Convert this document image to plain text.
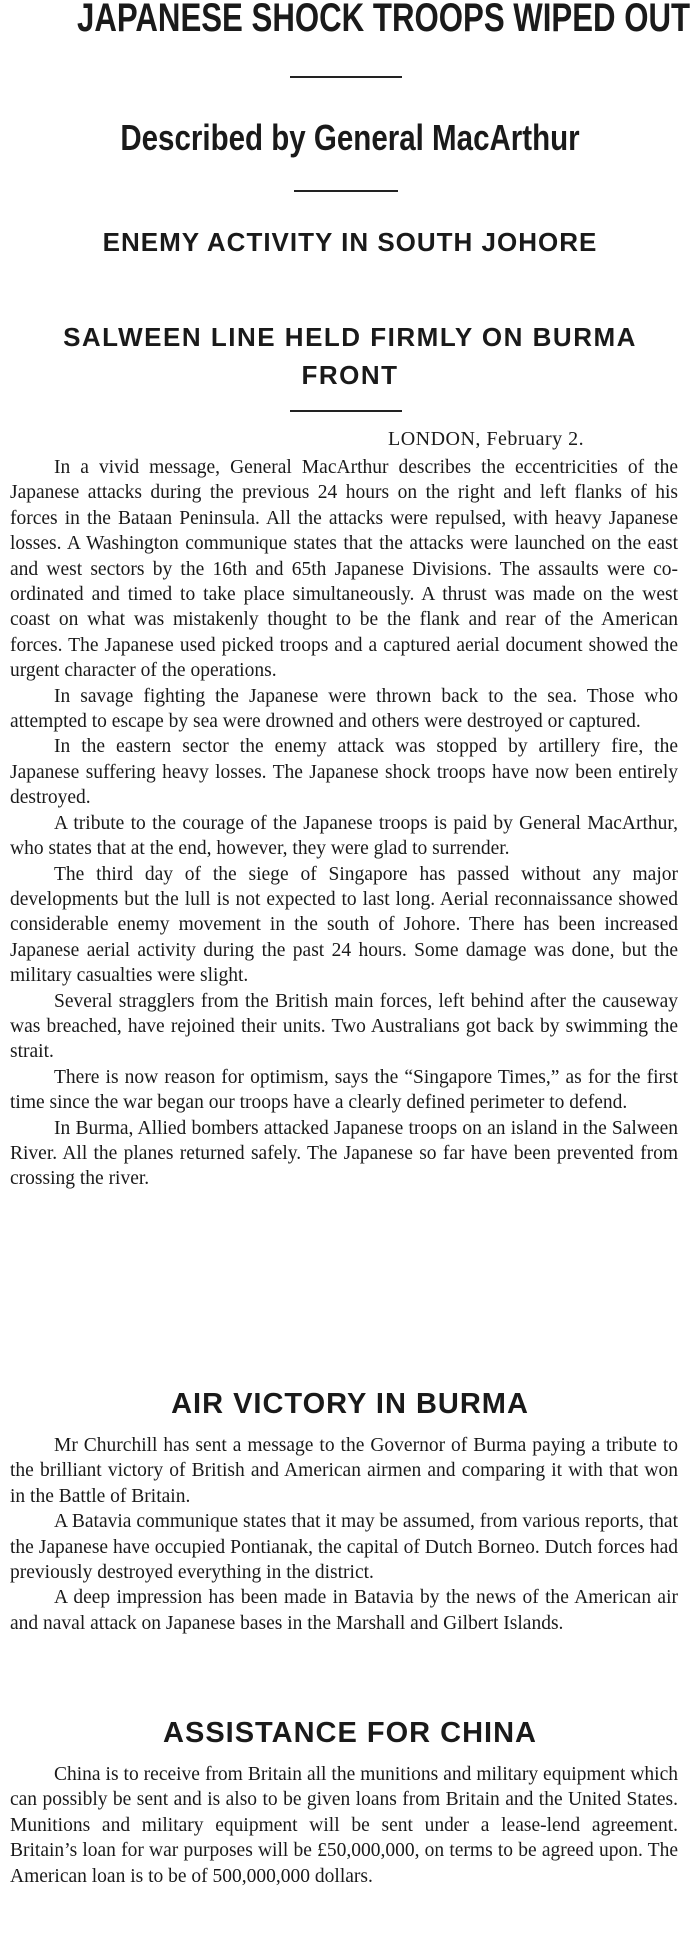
JAPANESE SHOCK TROOPS WIPED OUT
Described by General MacArthur
ENEMY ACTIVITY IN SOUTH JOHORE
SALWEEN LINE HELD FIRMLY ON BURMA FRONT
LONDON, February 2.

In a vivid message, General MacArthur describes the eccentricities of the Japanese attacks during the previous 24 hours on the right and left flanks of his forces in the Bataan Peninsula. All the attacks were repulsed, with heavy Japanese losses. A Washington communique states that the attacks were launched on the east and west sectors by the 16th and 65th Japanese Divisions. The assaults were co-ordinated and timed to take place simultaneously. A thrust was made on the west coast on what was mistakenly thought to be the flank and rear of the American forces. The Japanese used picked troops and a captured aerial document showed the urgent character of the operations.

In savage fighting the Japanese were thrown back to the sea. Those who attempted to escape by sea were drowned and others were destroyed or captured.

In the eastern sector the enemy attack was stopped by artillery fire, the Japanese suffering heavy losses. The Japanese shock troops have now been entirely destroyed.

A tribute to the courage of the Japanese troops is paid by General MacArthur, who states that at the end, however, they were glad to surrender.

The third day of the siege of Singapore has passed without any major developments but the lull is not expected to last long. Aerial reconnaissance showed considerable enemy movement in the south of Johore. There has been increased Japanese aerial activity during the past 24 hours. Some damage was done, but the military casualties were slight.

Several stragglers from the British main forces, left behind after the causeway was breached, have rejoined their units. Two Australians got back by swimming the strait.

There is now reason for optimism, says the “Singapore Times,” as for the first time since the war began our troops have a clearly defined perimeter to defend.

In Burma, Allied bombers attacked Japanese troops on an island in the Salween River. All the planes returned safely. The Japanese so far have been prevented from crossing the river.

AIR VICTORY IN BURMA

Mr Churchill has sent a message to the Governor of Burma paying a tribute to the brilliant victory of British and American airmen and comparing it with that won in the Battle of Britain.

A Batavia communique states that it may be assumed, from various reports, that the Japanese have occupied Pontianak, the capital of Dutch Borneo. Dutch forces had previously destroyed everything in the district.

A deep impression has been made in Batavia by the news of the American air and naval attack on Japanese bases in the Marshall and Gilbert Islands.

ASSISTANCE FOR CHINA

China is to receive from Britain all the munitions and military equipment which can possibly be sent and is also to be given loans from Britain and the United States. Munitions and military equipment will be sent under a lease-lend agreement. Britain’s loan for war purposes will be £50,000,000, on terms to be agreed upon. The American loan is to be of 500,000,000 dollars.
